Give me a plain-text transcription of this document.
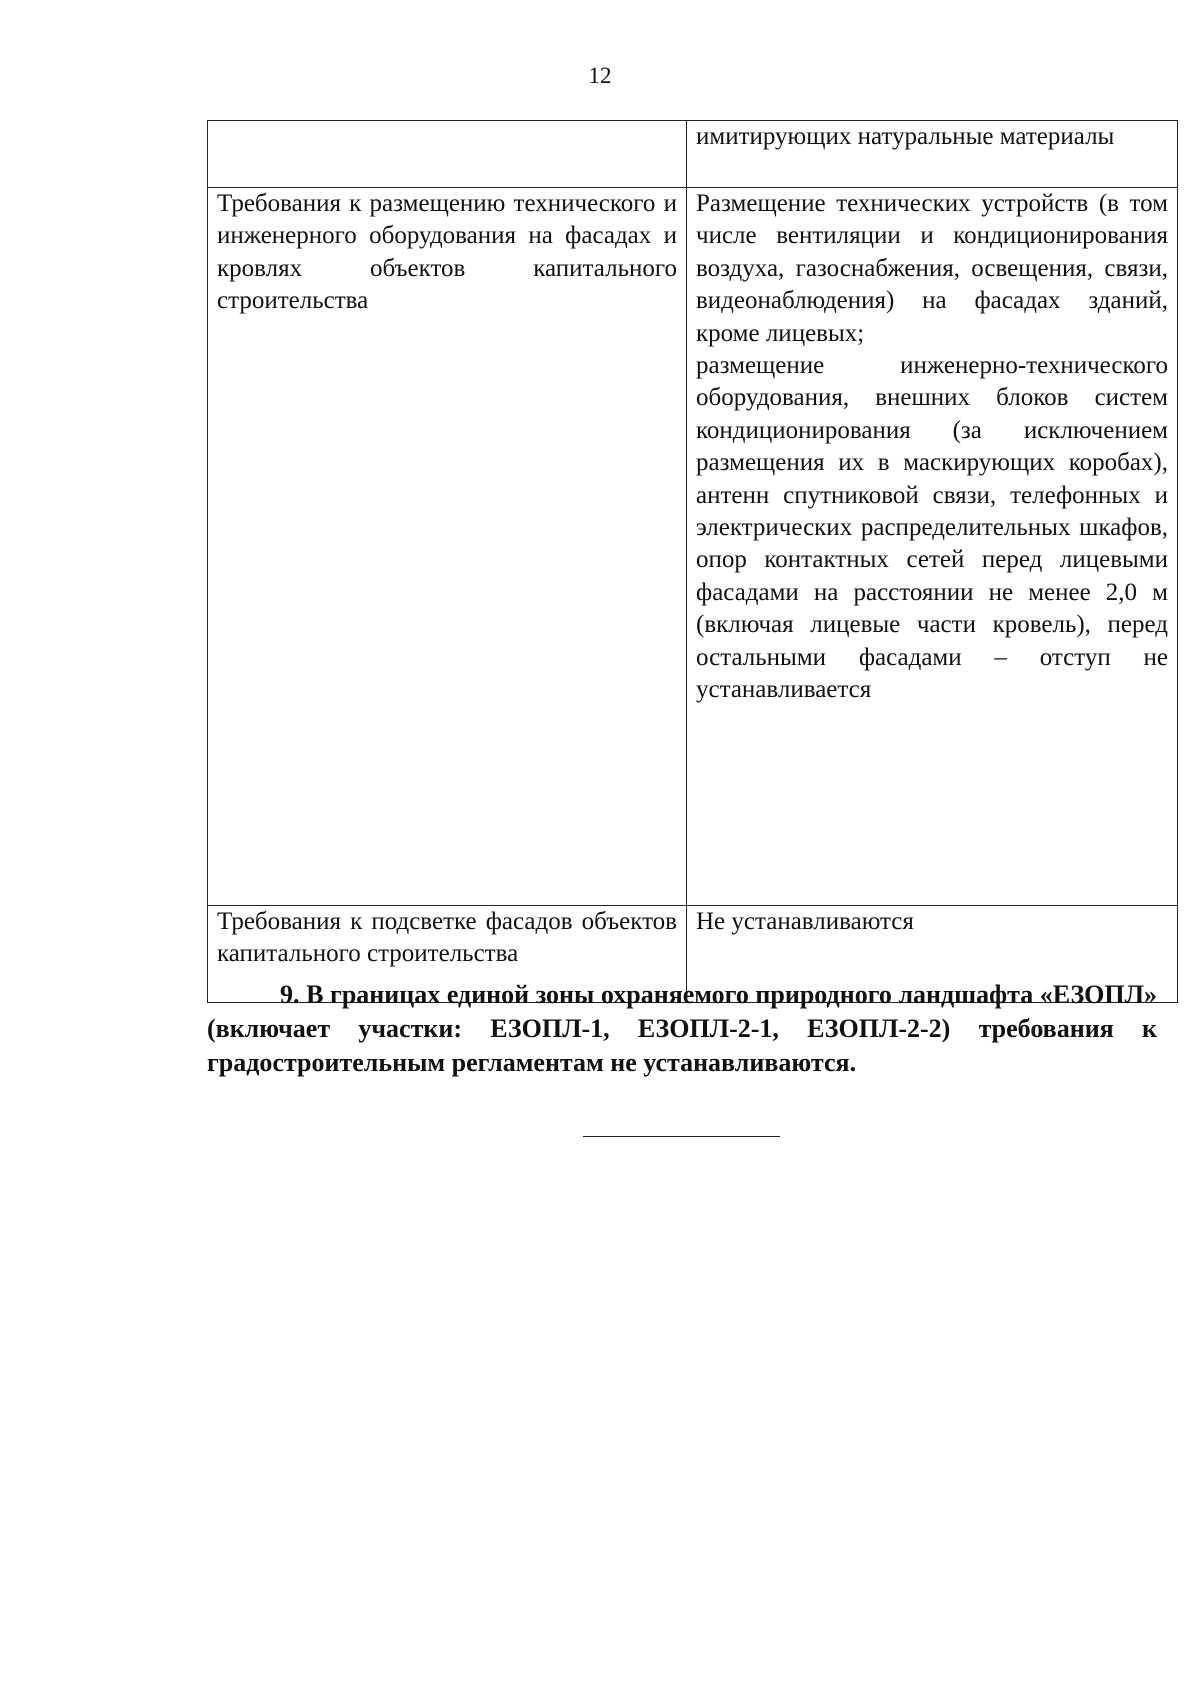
12
	имитирующих натуральные материалы
Требования к размещению технического и инженерного оборудования на фасадах и кровлях объектов капитального строительства	Размещение технических устройств (в том числе вентиляции и кондиционирования воздуха, газоснабжения, освещения, связи, видеонаблюдения) на фасадах зданий, кроме лицевых;
размещение инженерно-технического оборудования, внешних блоков систем кондиционирования (за исключением размещения их в маскирующих коробах), антенн спутниковой связи, телефонных и электрических распределительных шкафов, опор контактных сетей перед лицевыми фасадами на расстоянии не менее 2,0 м (включая лицевые части кровель), перед остальными фасадами – отступ не устанавливается

Требования к подсветке фасадов объектов капитального строительства	Не устанавливаются

9. В границах единой зоны охраняемого природного ландшафта «ЕЗОПЛ» (включает участки: ЕЗОПЛ-1, ЕЗОПЛ-2-1, ЕЗОПЛ-2-2) требования к градостроительным регламентам не устанавливаются.
